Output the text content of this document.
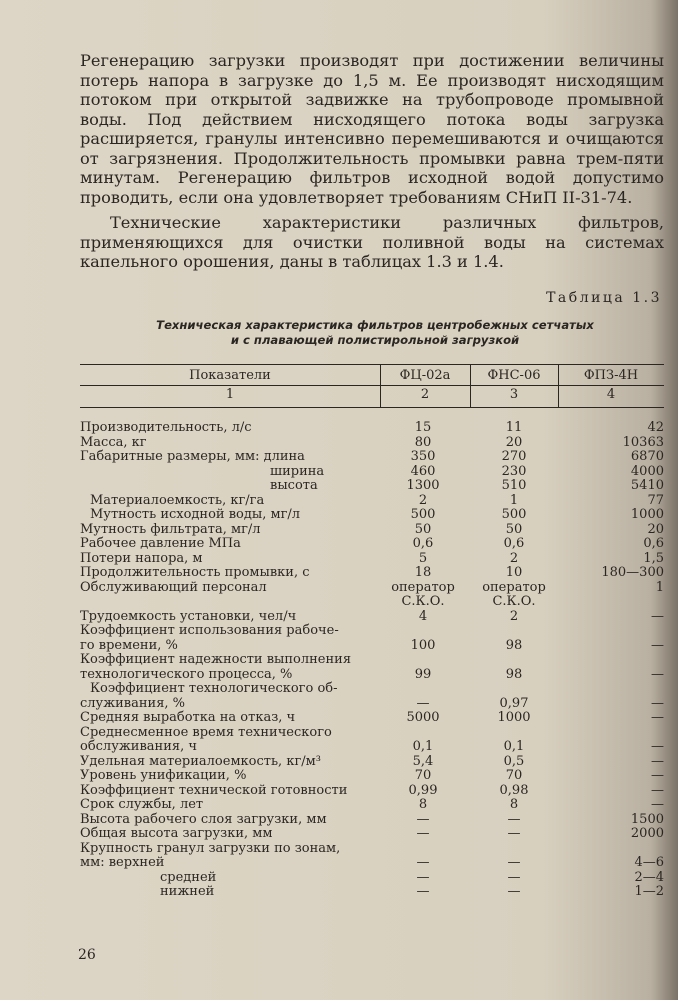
Регенерацию загрузки производят при достижении величины потерь напора в загрузке до 1,5 м. Ее производят нисходящим потоком при открытой задвижке на трубопроводе промывной воды. Под действием нисходящего потока воды загрузка расширяется, гранулы интенсивно перемешиваются и очищаются от загрязнения. Продолжительность промывки равна трем-пяти минутам. Регенерацию фильтров исходной водой допустимо проводить, если она удовлетворяет требованиям СНиП II-31-74.

Технические характеристики различных фильтров, применяющихся для очистки поливной воды на системах капельного орошения, даны в таблицах 1.3 и 1.4.

Таблица 1.3
Техническая характеристика фильтров центробежных сетчатых
и с плавающей полистирольной загрузкой
Показатели	ФЦ-02а	ФНС-06	ФПЗ-4Н
1	2	3	4
Производительность, л/с	15	11	42
Масса, кг	80	20	10363
Габаритные размеры, мм: длина	350	270	6870
ширина	460	230	4000
высота	1300	510	5410
Материалоемкость, кг/га	2	1	77
Мутность исходной воды, мг/л	500	500	1000
Мутность фильтрата, мг/л	50	50	20
Рабочее давление МПа	0,6	0,6	0,6
Потери напора, м	5	2	1,5
Продолжительность промывки, с	18	10	180—300
Обслуживающий персонал	оператор	оператор	1
С.К.О.	С.К.О.
Трудоемкость установки, чел/ч	4	2	—
Коэффициент использования рабоче-
го времени, %	100	98	—
Коэффициент надежности выполнения
технологического процесса, %	99	98	—
Коэффициент технологического об-
служивания, %	—	0,97	—
Средняя выработка на отказ, ч	5000	1000	—
Среднесменное время технического
обслуживания, ч	0,1	0,1	—
Удельная материалоемкость, кг/м³	5,4	0,5	—
Уровень унификации, %	70	70	—
Коэффициент технической готовности	0,99	0,98	—
Срок службы, лет	8	8	—
Высота рабочего слоя загрузки, мм	—	—	1500
Общая высота загрузки, мм	—	—	2000
Крупность гранул загрузки по зонам,
мм: верхней	—	—	4—6
средней	—	—	2—4
нижней	—	—	1—2
26
